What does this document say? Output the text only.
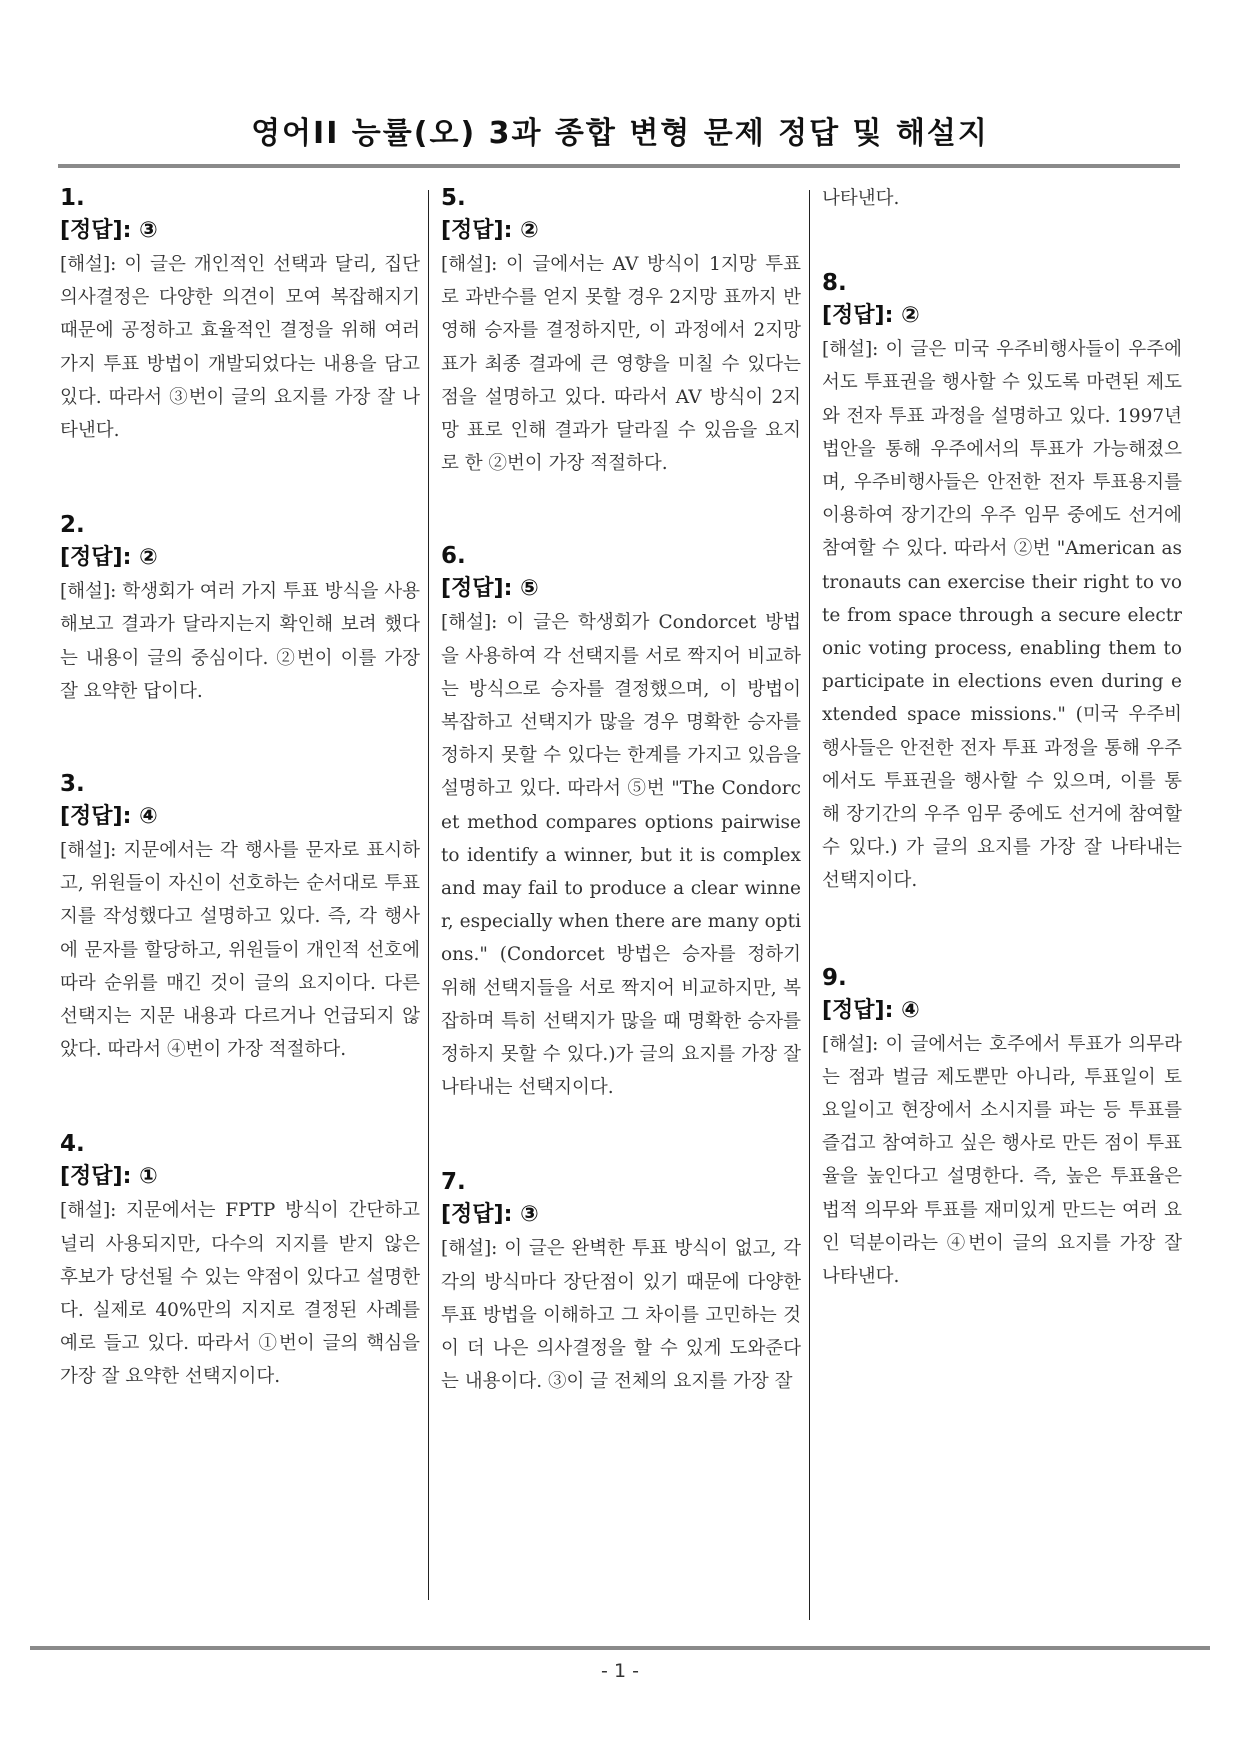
영어II 능률(오) 3과 종합 변형 문제 정답 및 해설지
1.
[정답]: ③

[해설]: 이 글은 개인적인 선택과 달리, 집단 의사결정은 다양한 의견이 모여 복잡해지기 때문에 공정하고 효율적인 결정을 위해 여러 가지 투표 방법이 개발되었다는 내용을 담고 있다. 따라서 ③번이 글의 요지를 가장 잘 나타낸다.

2.
[정답]: ②

[해설]: 학생회가 여러 가지 투표 방식을 사용해보고 결과가 달라지는지 확인해 보려 했다는 내용이 글의 중심이다. ②번이 이를 가장 잘 요약한 답이다.

3.
[정답]: ④

[해설]: 지문에서는 각 행사를 문자로 표시하고, 위원들이 자신이 선호하는 순서대로 투표지를 작성했다고 설명하고 있다. 즉, 각 행사에 문자를 할당하고, 위원들이 개인적 선호에 따라 순위를 매긴 것이 글의 요지이다. 다른 선택지는 지문 내용과 다르거나 언급되지 않았다. 따라서 ④번이 가장 적절하다.

4.
[정답]: ①

[해설]: 지문에서는 FPTP 방식이 간단하고 널리 사용되지만, 다수의 지지를 받지 않은 후보가 당선될 수 있는 약점이 있다고 설명한다. 실제로 40%만의 지지로 결정된 사례를 예로 들고 있다. 따라서 ①번이 글의 핵심을 가장 잘 요약한 선택지이다.

5.
[정답]: ②

[해설]: 이 글에서는 AV 방식이 1지망 투표로 과반수를 얻지 못할 경우 2지망 표까지 반영해 승자를 결정하지만, 이 과정에서 2지망 표가 최종 결과에 큰 영향을 미칠 수 있다는 점을 설명하고 있다. 따라서 AV 방식이 2지망 표로 인해 결과가 달라질 수 있음을 요지로 한 ②번이 가장 적절하다.

6.
[정답]: ⑤

[해설]: 이 글은 학생회가 Condorcet 방법을 사용하여 각 선택지를 서로 짝지어 비교하는 방식으로 승자를 결정했으며, 이 방법이 복잡하고 선택지가 많을 경우 명확한 승자를 정하지 못할 수 있다는 한계를 가지고 있음을 설명하고 있다. 따라서 ⑤번 "The Condorcet method compares options pairwise to identify a winner, but it is complex and may fail to produce a clear winner, especially when there are many options." (Condorcet 방법은 승자를 정하기 위해 선택지들을 서로 짝지어 비교하지만, 복잡하며 특히 선택지가 많을 때 명확한 승자를 정하지 못할 수 있다.)가 글의 요지를 가장 잘 나타내는 선택지이다.

7.
[정답]: ③

[해설]: 이 글은 완벽한 투표 방식이 없고, 각각의 방식마다 장단점이 있기 때문에 다양한 투표 방법을 이해하고 그 차이를 고민하는 것이 더 나은 의사결정을 할 수 있게 도와준다는 내용이다. ③이 글 전체의 요지를 가장 잘

나타낸다.

8.
[정답]: ②

[해설]: 이 글은 미국 우주비행사들이 우주에서도 투표권을 행사할 수 있도록 마련된 제도와 전자 투표 과정을 설명하고 있다. 1997년 법안을 통해 우주에서의 투표가 가능해졌으며, 우주비행사들은 안전한 전자 투표용지를 이용하여 장기간의 우주 임무 중에도 선거에 참여할 수 있다. 따라서 ②번 "American astronauts can exercise their right to vote from space through a secure electronic voting process, enabling them to participate in elections even during extended space missions." (미국 우주비행사들은 안전한 전자 투표 과정을 통해 우주에서도 투표권을 행사할 수 있으며, 이를 통해 장기간의 우주 임무 중에도 선거에 참여할 수 있다.) 가 글의 요지를 가장 잘 나타내는 선택지이다.

9.
[정답]: ④

[해설]: 이 글에서는 호주에서 투표가 의무라는 점과 벌금 제도뿐만 아니라, 투표일이 토요일이고 현장에서 소시지를 파는 등 투표를 즐겁고 참여하고 싶은 행사로 만든 점이 투표율을 높인다고 설명한다. 즉, 높은 투표율은 법적 의무와 투표를 재미있게 만드는 여러 요인 덕분이라는 ④번이 글의 요지를 가장 잘 나타낸다.

- 1 -
